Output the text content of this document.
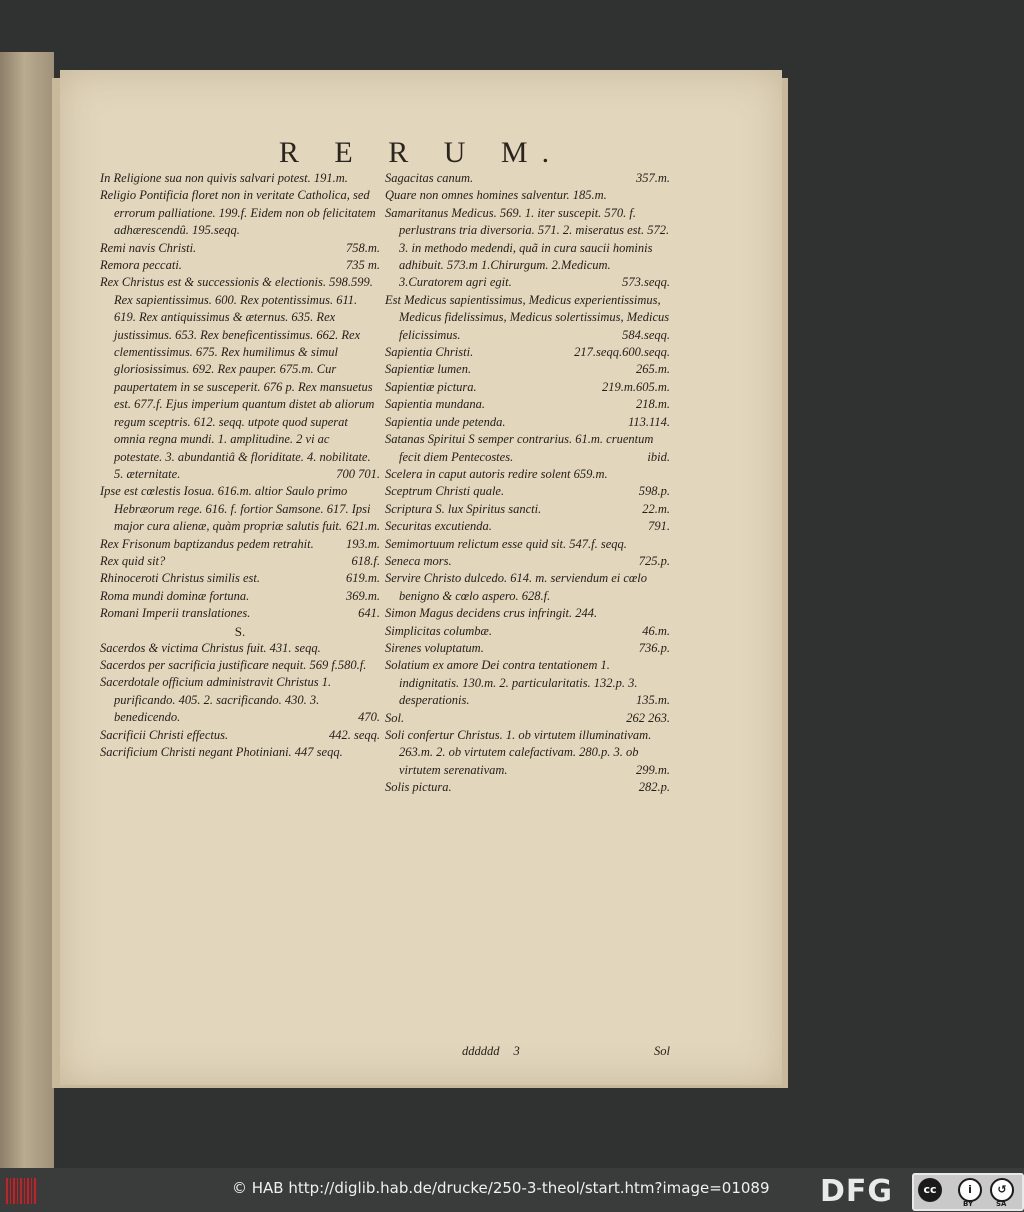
R E R U M.

In Religione sua non quivis salvari potest. 191.m.

Religio Pontificia floret non in veritate Catholica, sed errorum palliatione. 199.f. Eidem non ob felicitatem adhærescendû. 195.seqq.

Remi navis Christi.	758.m.

Remora peccati.	735 m.

Rex Christus est & successionis & electionis. 598.599. Rex sapientissimus. 600. Rex potentissimus. 611. 619. Rex antiquissimus & æternus. 635. Rex justissimus. 653. Rex beneficentissimus. 662. Rex clementissimus. 675. Rex humilimus & simul gloriosissimus. 692. Rex pauper. 675.m. Cur paupertatem in se susceperit. 676 p. Rex mansuetus est. 677.f. Ejus imperium quantum distet ab aliorum regum sceptris. 612. seqq. utpote quod superat omnia regna mundi. 1. amplitudine. 2 vi ac potestate. 3. abundantiâ & floriditate. 4. nobilitate. 5. æternitate.	700 701.

Ipse est cœlestis Iosua. 616.m. altior Saulo primo Hebræorum rege. 616. f. fortior Samsone. 617. Ipsi major cura alienæ, quàm propriæ salutis fuit. 621.m.

Rex Frisonum baptizandus pedem retrahit.	193.m.

Rex quid sit?	618.f.

Rhinoceroti Christus similis est.	619.m.

Roma mundi dominæ fortuna.	369.m.

Romani Imperii translationes.	641.

S.

Sacerdos & victima Christus fuit. 431. seqq.

Sacerdos per sacrificia justificare nequit. 569 f.580.f.

Sacerdotale officium administravit Christus 1. purificando. 405. 2. sacrificando. 430. 3. benedicendo.	470.

Sacrificii Christi effectus.	442. seqq.

Sacrificium Christi negant Photiniani. 447 seqq.

Sagacitas canum.	357.m.

Quare non omnes homines salventur. 185.m.

Samaritanus Medicus. 569. 1. iter suscepit. 570. f. perlustrans tria diversoria. 571. 2. miseratus est. 572. 3. in methodo medendi, quã in cura saucii hominis adhibuit. 573.m 1.Chirurgum. 2.Medicum. 3.Curatorem agri egit.	573.seqq.

Est Medicus sapientissimus, Medicus experientissimus, Medicus fidelissimus, Medicus solertissimus, Medicus felicissimus.	584.seqq.

Sapientia Christi.	217.seqq.600.seqq.

Sapientiæ lumen.	265.m.

Sapientiæ pictura.	219.m.605.m.

Sapientia mundana.	218.m.

Sapientia unde petenda.	113.114.

Satanas Spiritui S semper contrarius. 61.m. cruentum fecit diem Pentecostes.	ibid.

Scelera in caput autoris redire solent 659.m.

Sceptrum Christi quale.	598.p.

Scriptura S. lux Spiritus sancti.	22.m.

Securitas excutienda.	791.

Semimortuum relictum esse quid sit. 547.f. seqq.

Seneca mors.	725.p.

Servire Christo dulcedo. 614. m. serviendum ei cœlo benigno & cœlo aspero. 628.f.

Simon Magus decidens crus infringit. 244.

Simplicitas columbæ.	46.m.

Sirenes voluptatum.	736.p.

Solatium ex amore Dei contra tentationem 1. indignitatis. 130.m. 2. particularitatis. 132.p. 3. desperationis.	135.m.

Sol.	262 263.

Soli confertur Christus. 1. ob virtutem illuminativam. 263.m. 2. ob virtutem calefactivam. 280.p. 3. ob virtutem serenativam.	299.m.

Solis pictura.	282.p.

dddddd 3	Sol
© HAB http://diglib.hab.de/drucke/250-3-theol/start.htm?image=01089 DFG	cc	i	↺
BY	SA
